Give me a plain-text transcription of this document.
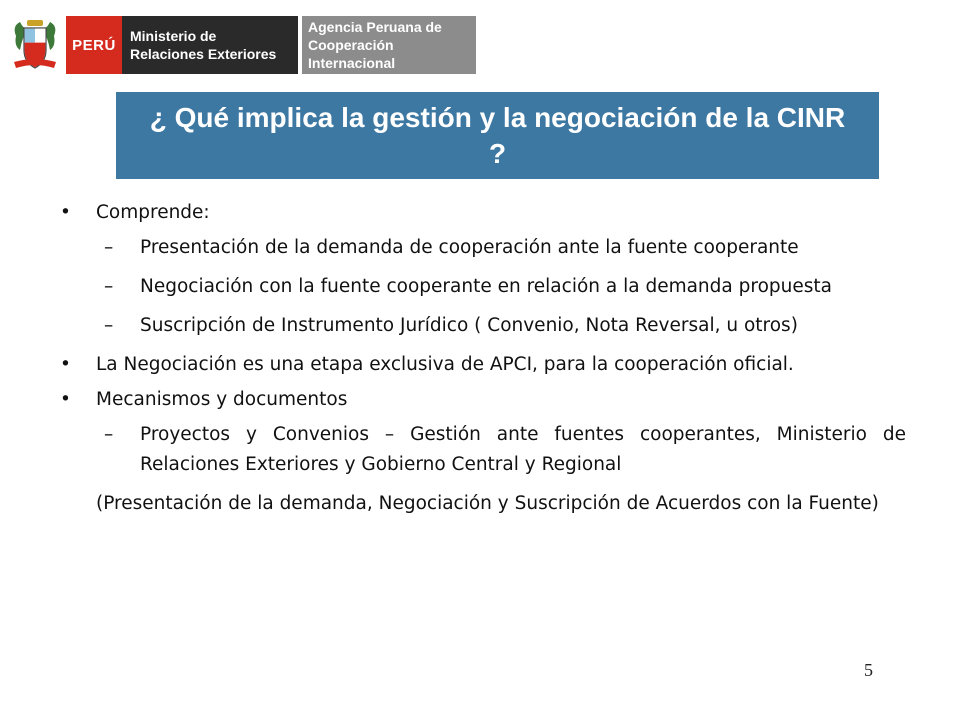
PERÚ
Ministerio de
Relaciones Exteriores
Agencia Peruana de
Cooperación Internacional
¿ Qué implica la gestión y la negociación de la CINR ?
• Comprende:
– Presentación de la demanda de cooperación ante la fuente cooperante
– Negociación con la fuente cooperante en relación a la demanda propuesta
– Suscripción de Instrumento Jurídico ( Convenio, Nota Reversal, u otros)
• La Negociación es una etapa exclusiva de APCI, para la cooperación oficial.
• Mecanismos y documentos
– Proyectos y Convenios – Gestión ante fuentes cooperantes, Ministerio de Relaciones Exteriores y Gobierno Central y Regional
(Presentación de la demanda, Negociación y Suscripción de Acuerdos con la Fuente)
5
